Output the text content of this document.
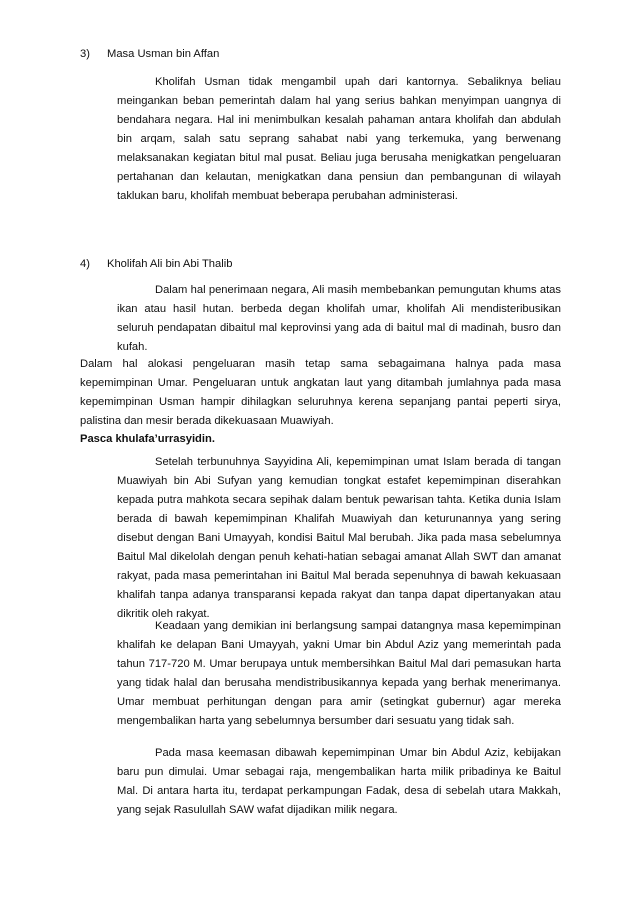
3) Masa Usman bin Affan

Kholifah Usman tidak mengambil upah dari kantornya. Sebaliknya beliau meingankan beban pemerintah dalam hal yang serius bahkan menyimpan uangnya di bendahara negara. Hal ini menimbulkan kesalah pahaman antara kholifah dan abdulah bin arqam, salah satu seprang sahabat nabi yang terkemuka, yang berwenang melaksanakan kegiatan bitul mal pusat. Beliau juga berusaha menigkatkan pengeluaran pertahanan dan kelautan, menigkatkan dana pensiun dan pembangunan di wilayah taklukan baru, kholifah membuat beberapa perubahan administerasi.

4) Kholifah Ali bin Abi Thalib

Dalam hal penerimaan negara, Ali masih membebankan pemungutan khums atas ikan atau hasil hutan. berbeda degan kholifah umar, kholifah Ali mendisteribusikan seluruh pendapatan dibaitul mal keprovinsi yang ada di baitul mal di madinah, busro dan kufah.

Dalam hal alokasi pengeluaran masih tetap sama sebagaimana halnya pada masa kepemimpinan Umar. Pengeluaran untuk angkatan laut yang ditambah jumlahnya pada masa kepemimpinan Usman hampir dihilagkan seluruhnya kerena sepanjang pantai peperti sirya, palistina dan mesir berada dikekuasaan Muawiyah.

Pasca khulafa’urrasyidin.

Setelah terbunuhnya Sayyidina Ali, kepemimpinan umat Islam berada di tangan Muawiyah bin Abi Sufyan yang kemudian tongkat estafet kepemimpinan diserahkan kepada putra mahkota secara sepihak dalam bentuk pewarisan tahta. Ketika dunia Islam berada di bawah kepemimpinan Khalifah Muawiyah dan keturunannya yang sering disebut dengan Bani Umayyah, kondisi Baitul Mal berubah. Jika pada masa sebelumnya Baitul Mal dikelolah dengan penuh kehati-hatian sebagai amanat Allah SWT dan amanat rakyat, pada masa pemerintahan ini Baitul Mal berada sepenuhnya di bawah kekuasaan khalifah tanpa adanya transparansi kepada rakyat dan tanpa dapat dipertanyakan atau dikritik oleh rakyat.

Keadaan yang demikian ini berlangsung sampai datangnya masa kepemimpinan khalifah ke delapan Bani Umayyah, yakni Umar bin Abdul Aziz yang memerintah pada tahun 717-720 M. Umar berupaya untuk membersihkan Baitul Mal dari pemasukan harta yang tidak halal dan berusaha mendistribusikannya kepada yang berhak menerimanya. Umar membuat perhitungan dengan para amir (setingkat gubernur) agar mereka mengembalikan harta yang sebelumnya bersumber dari sesuatu yang tidak sah.

Pada masa keemasan dibawah kepemimpinan Umar bin Abdul Aziz, kebijakan baru pun dimulai. Umar sebagai raja, mengembalikan harta milik pribadinya ke Baitul Mal. Di antara harta itu, terdapat perkampungan Fadak, desa di sebelah utara Makkah, yang sejak Rasulullah SAW wafat dijadikan milik negara.
